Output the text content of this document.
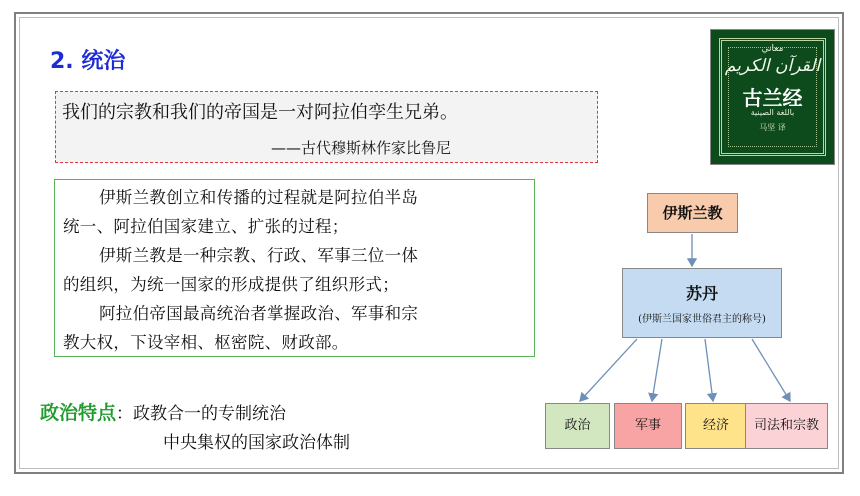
2. 统治
我们的宗教和我们的帝国是一对阿拉伯孪生兄弟。
——古代穆斯林作家比鲁尼
伊斯兰教创立和传播的过程就是阿拉伯半岛
统一、阿拉伯国家建立、扩张的过程；
伊斯兰教是一种宗教、行政、军事三位一体
的组织，为统一国家的形成提供了组织形式；
阿拉伯帝国最高统治者掌握政治、军事和宗
教大权，下设宰相、枢密院、财政部。
政治特点：政教合一的专制统治
中央集权的国家政治体制
معاني
القرآن الكريم
古兰经
باللغة الصينية
马坚 译
伊斯兰教
苏丹
(伊斯兰国家世俗君主的称号)
政治	军事	经济	司法和宗教
